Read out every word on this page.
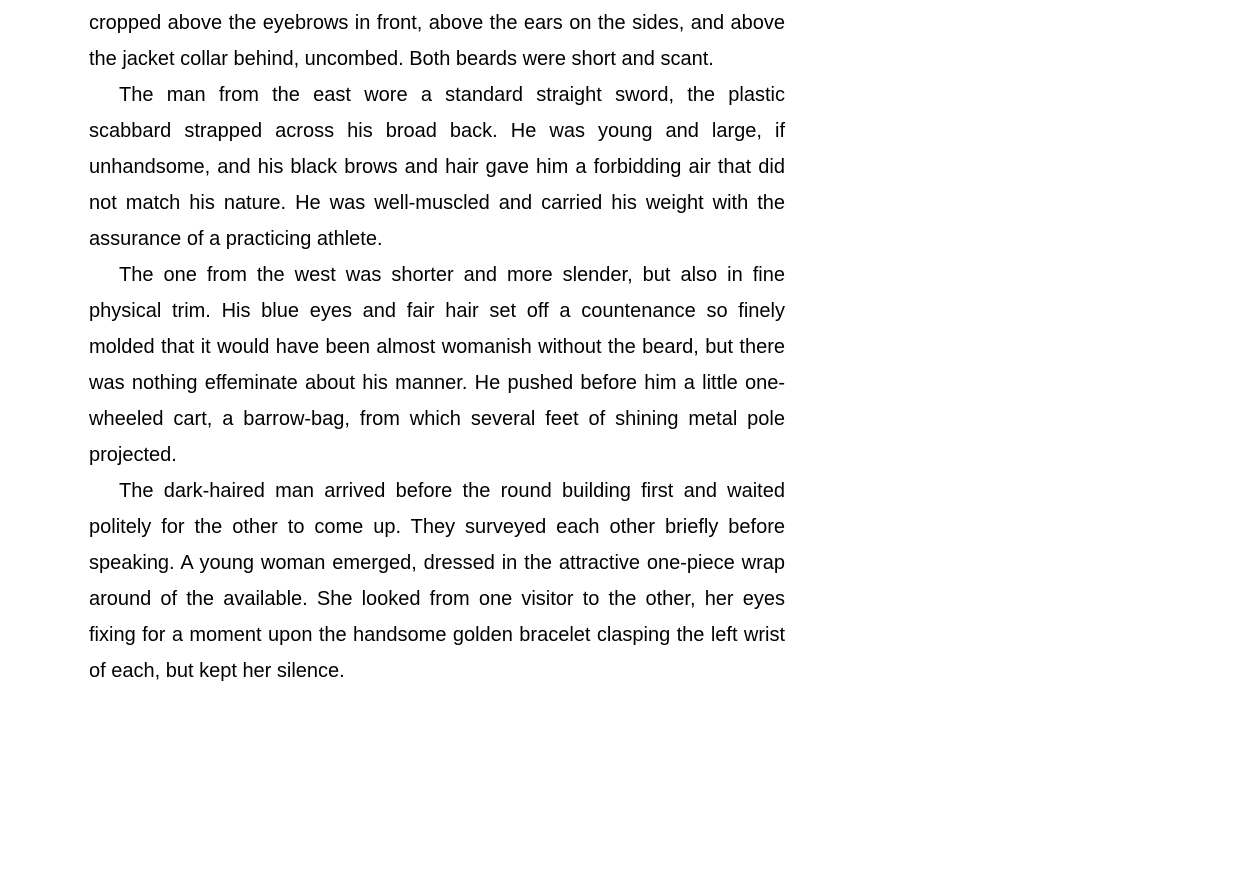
cropped above the eyebrows in front, above the ears on the sides, and above the jacket collar behind, uncombed. Both beards were short and scant.

The man from the east wore a standard straight sword, the plastic scabbard strapped across his broad back. He was young and large, if unhandsome, and his black brows and hair gave him a forbidding air that did not match his nature. He was well-muscled and carried his weight with the assurance of a practicing athlete.

The one from the west was shorter and more slender, but also in fine physical trim. His blue eyes and fair hair set off a countenance so finely molded that it would have been almost womanish without the beard, but there was nothing effeminate about his manner. He pushed before him a little one-wheeled cart, a barrow-bag, from which several feet of shining metal pole projected.

The dark-haired man arrived before the round building first and waited politely for the other to come up. They surveyed each other briefly before speaking. A young woman emerged, dressed in the attractive one-piece wrap around of the available. She looked from one visitor to the other, her eyes fixing for a moment upon the handsome golden bracelet clasping the left wrist of each, but kept her silence.
